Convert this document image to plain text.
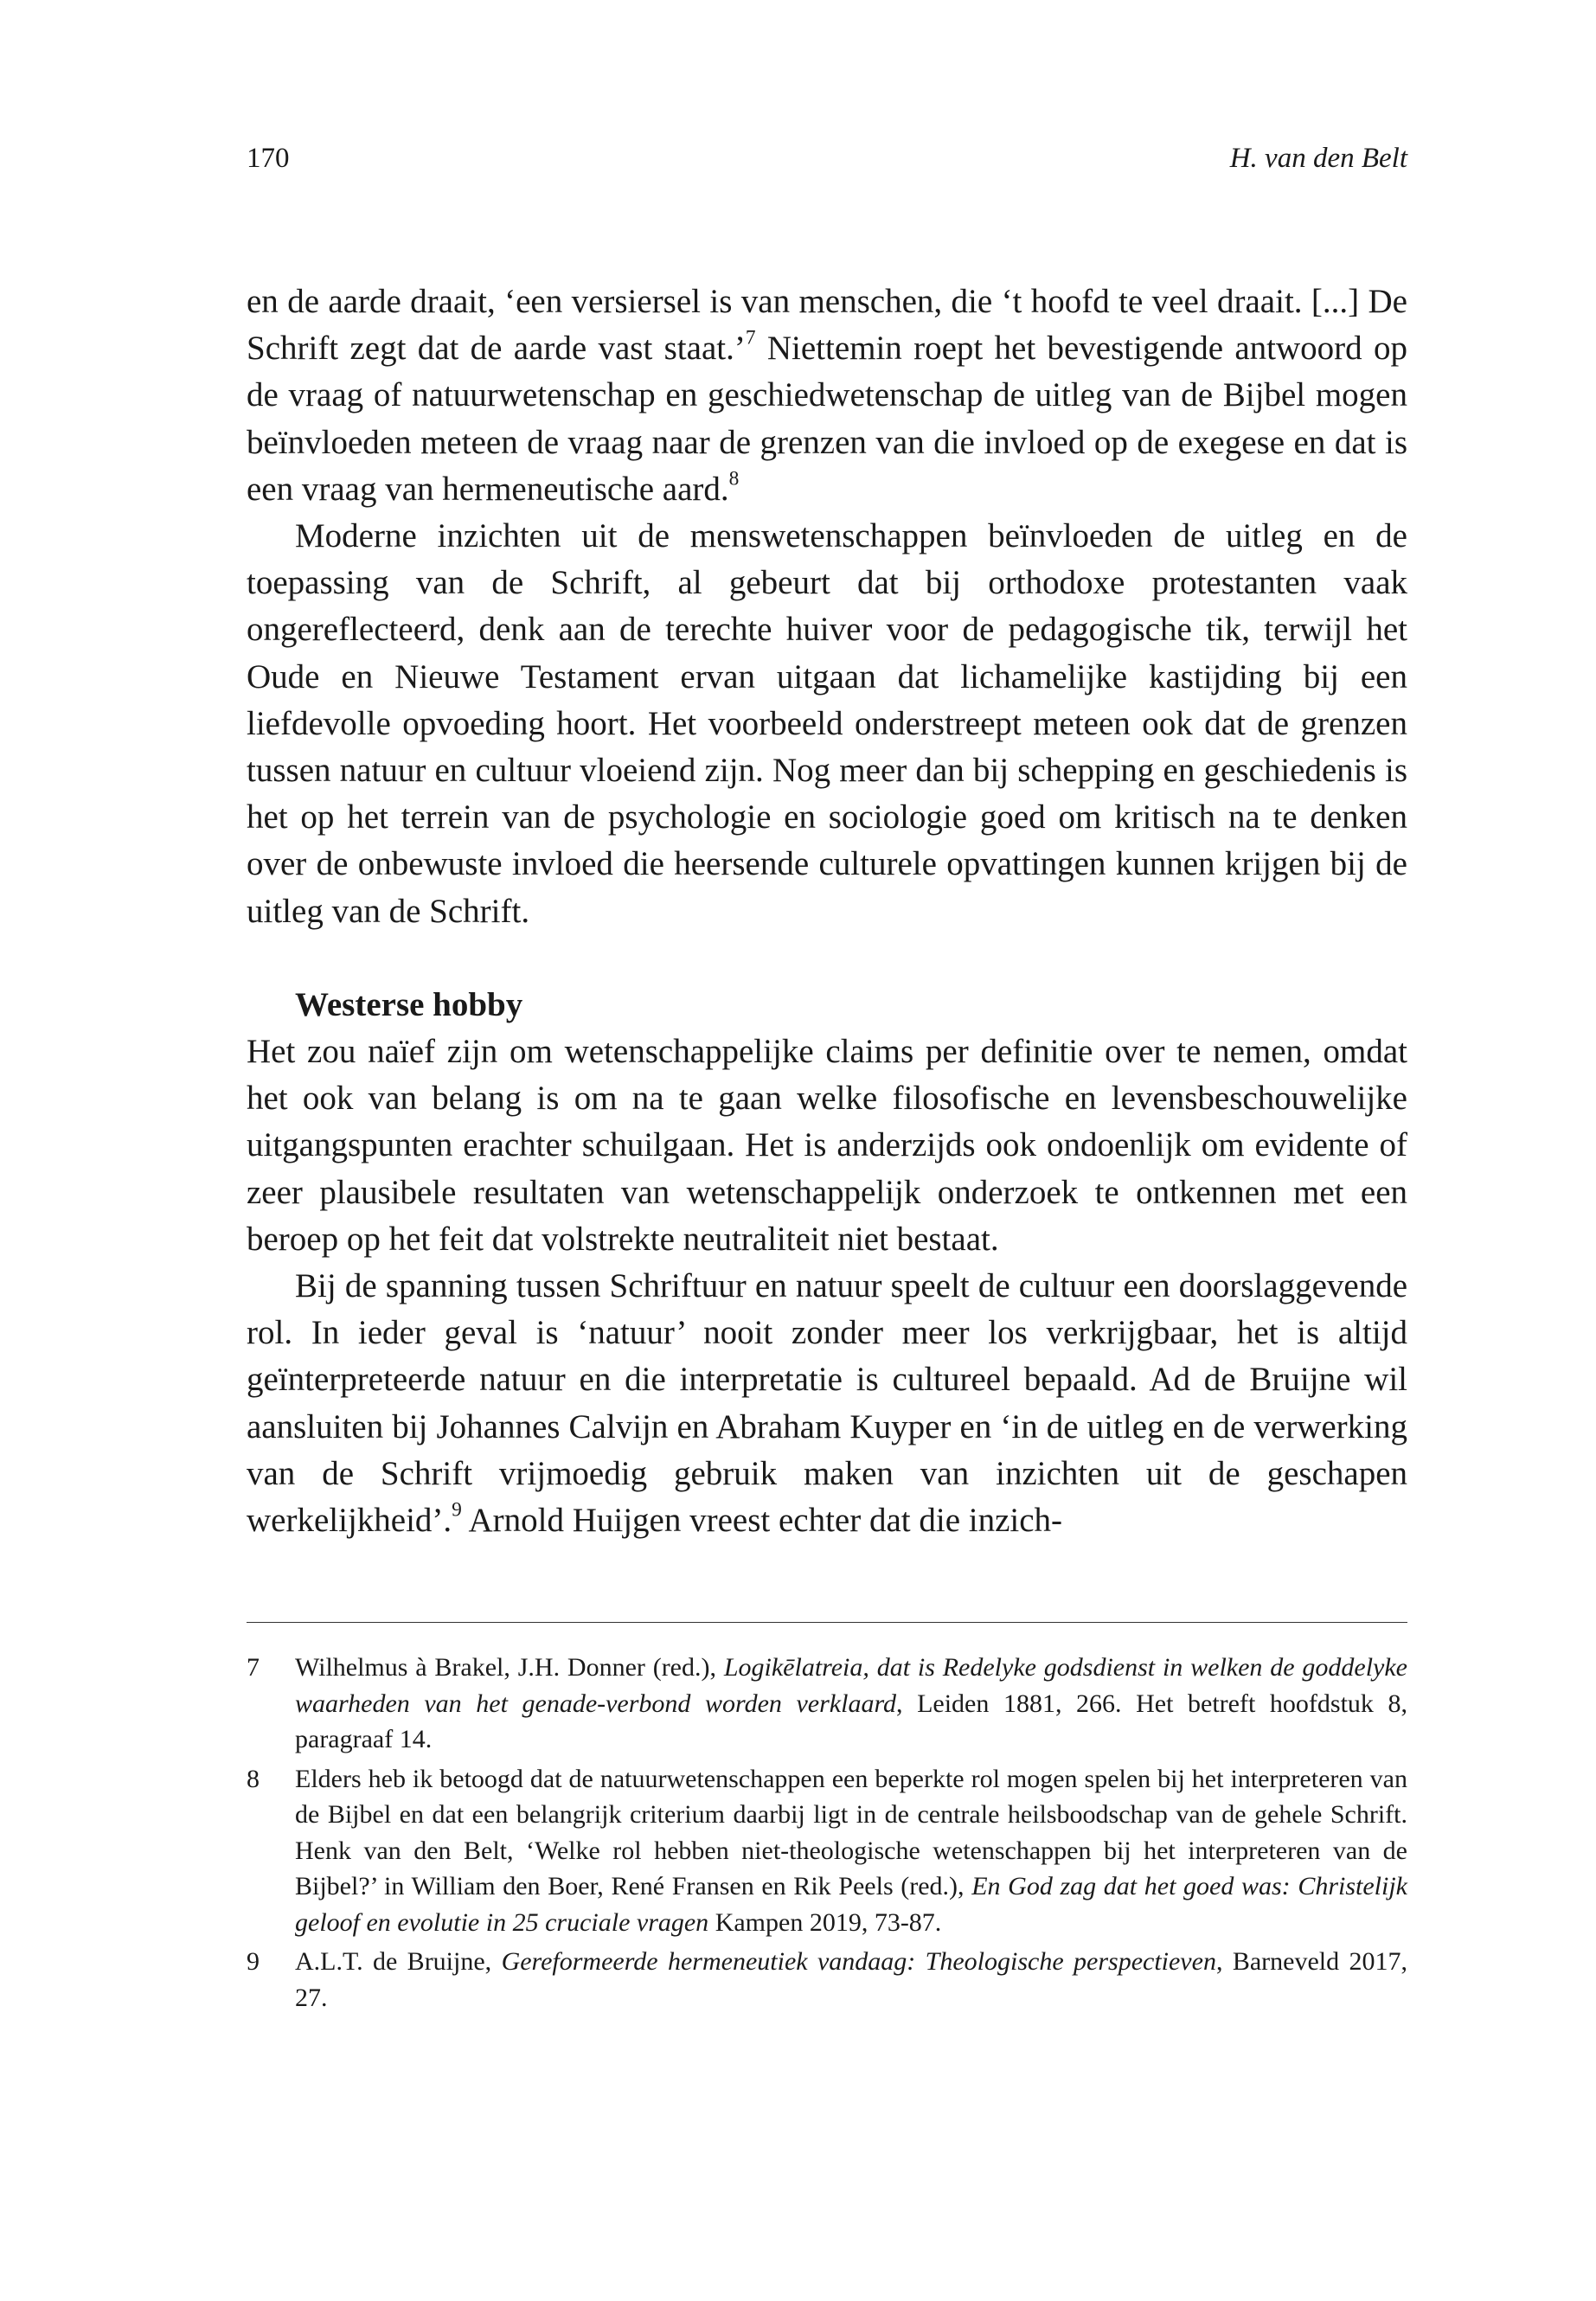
170	H. van den Belt

en de aarde draait, ‘een versiersel is van menschen, die ‘t hoofd te veel draait. [...] De Schrift zegt dat de aarde vast staat.’$^7$ Niettemin roept het bevestigende antwoord op de vraag of natuurwetenschap en geschiedwetenschap de uitleg van de Bijbel mogen beïnvloeden meteen de vraag naar de grenzen van die invloed op de exegese en dat is een vraag van hermeneutische aard.$^8$

Moderne inzichten uit de menswetenschappen beïnvloeden de uitleg en de toepassing van de Schrift, al gebeurt dat bij orthodoxe protestanten vaak ongereflecteerd, denk aan de terechte huiver voor de pedagogische tik, terwijl het Oude en Nieuwe Testament ervan uitgaan dat lichamelijke kastijding bij een liefdevolle opvoeding hoort. Het voorbeeld onderstreept meteen ook dat de grenzen tussen natuur en cultuur vloeiend zijn. Nog meer dan bij schepping en geschiedenis is het op het terrein van de psychologie en sociologie goed om kritisch na te denken over de onbewuste invloed die heersende culturele opvattingen kunnen krijgen bij de uitleg van de Schrift.

Westerse hobby

Het zou naïef zijn om wetenschappelijke claims per definitie over te nemen, omdat het ook van belang is om na te gaan welke filosofische en levensbeschouwelijke uitgangspunten erachter schuilgaan. Het is anderzijds ook ondoenlijk om evidente of zeer plausibele resultaten van wetenschappelijk onderzoek te ontkennen met een beroep op het feit dat volstrekte neutraliteit niet bestaat.

Bij de spanning tussen Schriftuur en natuur speelt de cultuur een doorslaggevende rol. In ieder geval is ‘natuur’ nooit zonder meer los verkrijgbaar, het is altijd geïnterpreteerde natuur en die interpretatie is cultureel bepaald. Ad de Bruijne wil aansluiten bij Johannes Calvijn en Abraham Kuyper en ‘in de uitleg en de verwerking van de Schrift vrijmoedig gebruik maken van inzichten uit de geschapen werkelijkheid’.$^9$ Arnold Huijgen vreest echter dat die inzich-

7 Wilhelmus à Brakel, J.H. Donner (red.), Logikēlatreia, dat is Redelyke godsdienst in welken de goddelyke waarheden van het genade-verbond worden verklaard, Leiden 1881, 266. Het betreft hoofdstuk 8, paragraaf 14.
8 Elders heb ik betoogd dat de natuurwetenschappen een beperkte rol mogen spelen bij het interpreteren van de Bijbel en dat een belangrijk criterium daarbij ligt in de centrale heilsboodschap van de gehele Schrift. Henk van den Belt, ‘Welke rol hebben niet-theologische wetenschappen bij het interpreteren van de Bijbel?’ in William den Boer, René Fransen en Rik Peels (red.), En God zag dat het goed was: Christelijk geloof en evolutie in 25 cruciale vragen Kampen 2019, 73-87.
9 A.L.T. de Bruijne, Gereformeerde hermeneutiek vandaag: Theologische perspectieven, Barneveld 2017, 27.
